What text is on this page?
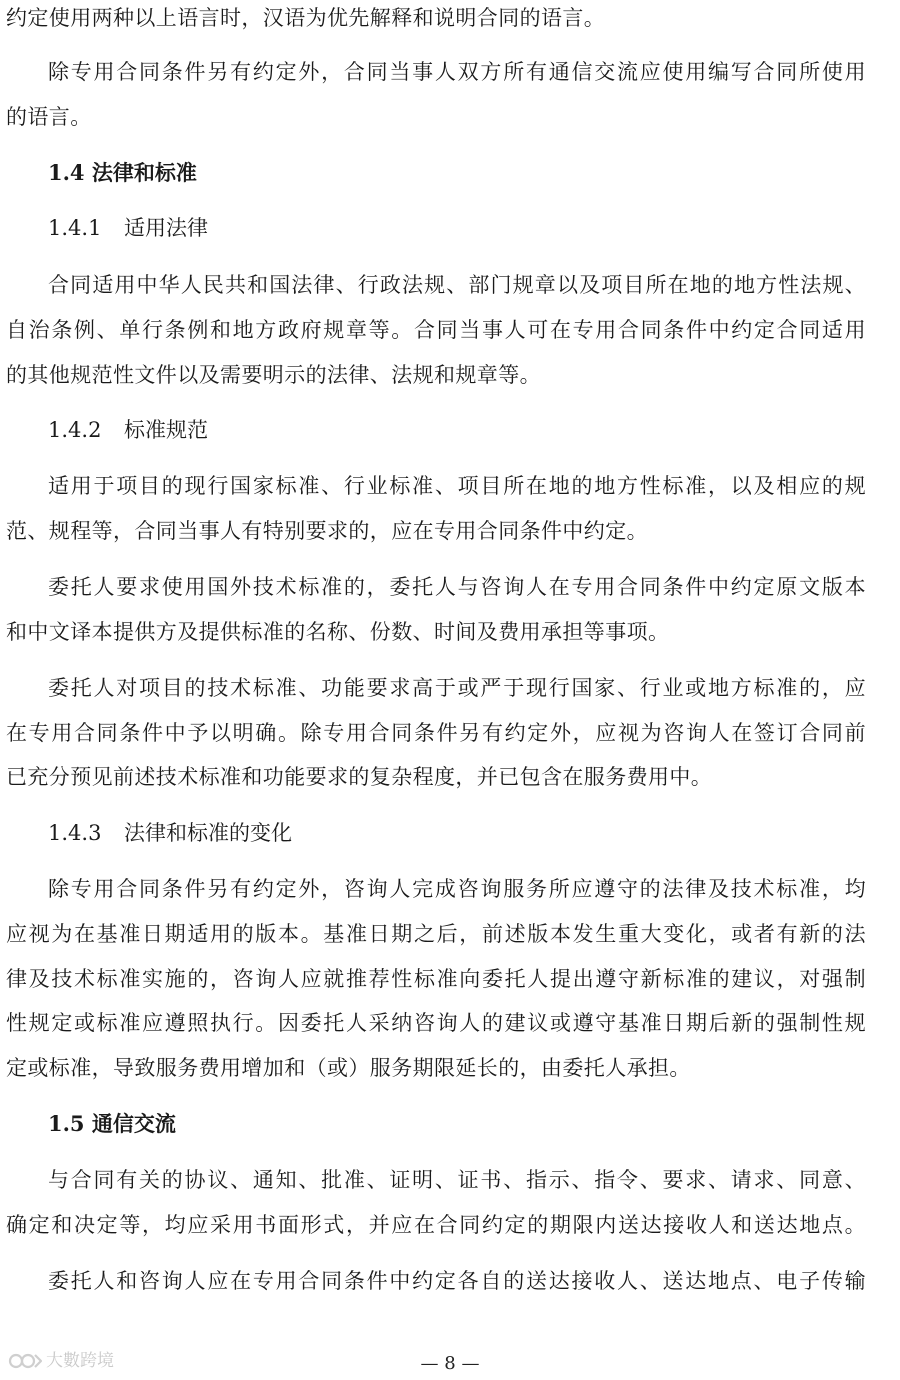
约定使用两种以上语言时，汉语为优先解释和说明合同的语言。
除专用合同条件另有约定外，合同当事人双方所有通信交流应使用编写合同所使用
的语言。
1.4 法律和标准
1.4.1 适用法律
合同适用中华人民共和国法律、行政法规、部门规章以及项目所在地的地方性法规、
自治条例、单行条例和地方政府规章等。合同当事人可在专用合同条件中约定合同适用
的其他规范性文件以及需要明示的法律、法规和规章等。
1.4.2 标准规范
适用于项目的现行国家标准、行业标准、项目所在地的地方性标准，以及相应的规
范、规程等，合同当事人有特别要求的，应在专用合同条件中约定。
委托人要求使用国外技术标准的，委托人与咨询人在专用合同条件中约定原文版本
和中文译本提供方及提供标准的名称、份数、时间及费用承担等事项。
委托人对项目的技术标准、功能要求高于或严于现行国家、行业或地方标准的，应
在专用合同条件中予以明确。除专用合同条件另有约定外，应视为咨询人在签订合同前
已充分预见前述技术标准和功能要求的复杂程度，并已包含在服务费用中。
1.4.3 法律和标准的变化
除专用合同条件另有约定外，咨询人完成咨询服务所应遵守的法律及技术标准，均
应视为在基准日期适用的版本。基准日期之后，前述版本发生重大变化，或者有新的法
律及技术标准实施的，咨询人应就推荐性标准向委托人提出遵守新标准的建议，对强制
性规定或标准应遵照执行。因委托人采纳咨询人的建议或遵守基准日期后新的强制性规
定或标准，导致服务费用增加和（或）服务期限延长的，由委托人承担。
1.5 通信交流
与合同有关的协议、通知、批准、证明、证书、指示、指令、要求、请求、同意、
确定和决定等，均应采用书面形式，并应在合同约定的期限内送达接收人和送达地点。
委托人和咨询人应在专用合同条件中约定各自的送达接收人、送达地点、电子传输
大數跨境	— 8 —
